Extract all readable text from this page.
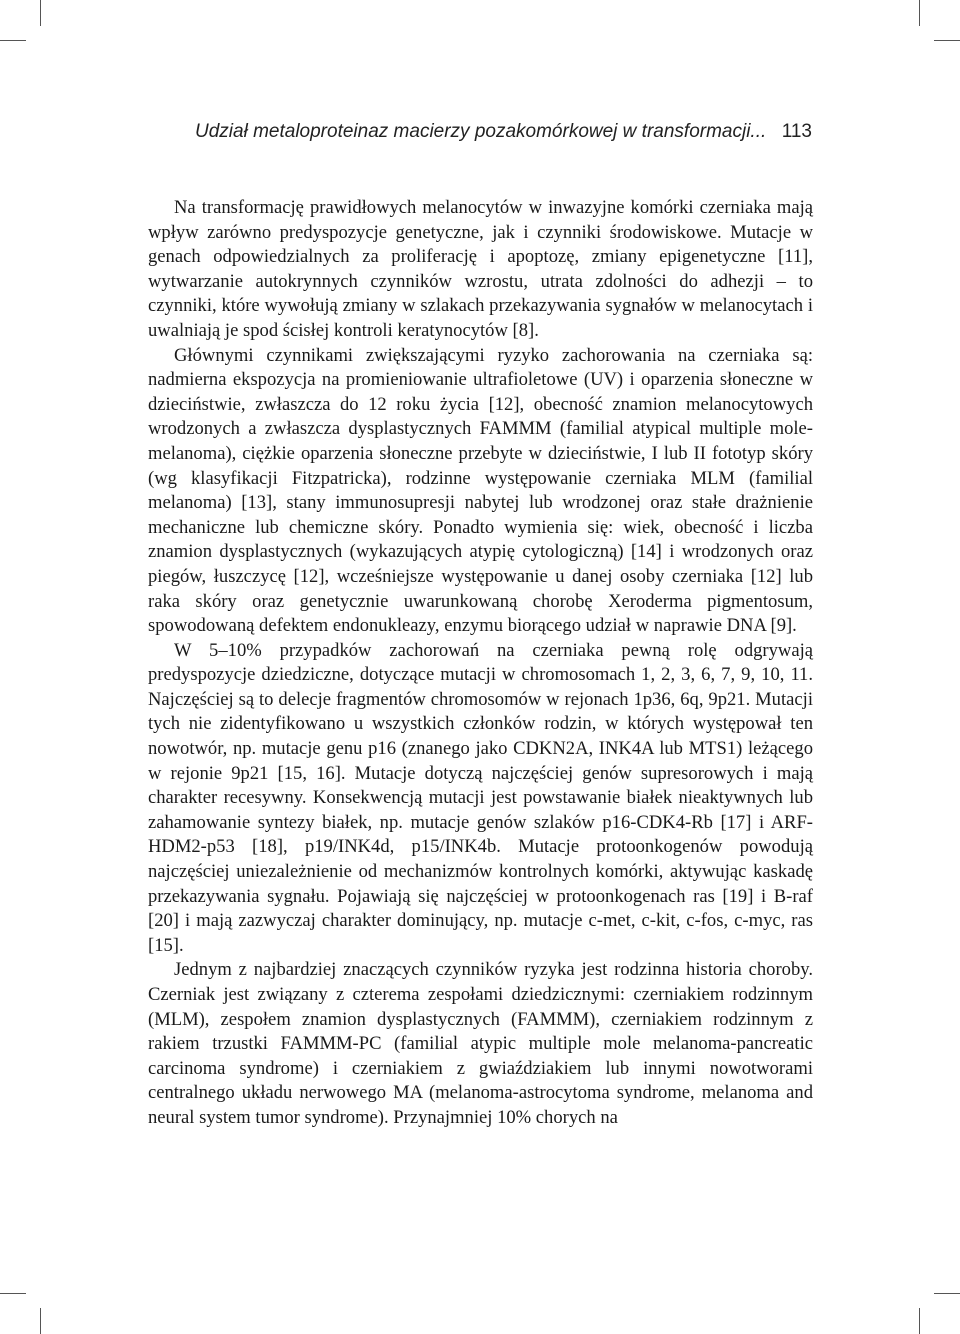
Udział metaloproteinaz macierzy pozakomórkowej w transformacji... 113

Na transformację prawidłowych melanocytów w inwazyjne komórki czerniaka mają wpływ zarówno predyspozycje genetyczne, jak i czynniki środowiskowe. Mutacje w genach odpowiedzialnych za proliferację i apoptozę, zmiany epigenetyczne [11], wytwarzanie autokrynnych czynników wzrostu, utrata zdolności do adhezji – to czynniki, które wywołują zmiany w szlakach przekazywania sygnałów w melanocytach i uwalniają je spod ścisłej kontroli keratynocytów [8].

Głównymi czynnikami zwiększającymi ryzyko zachorowania na czerniaka są: nadmierna ekspozycja na promieniowanie ultrafioletowe (UV) i oparzenia słoneczne w dzieciństwie, zwłaszcza do 12 roku życia [12], obecność znamion melanocytowych wrodzonych a zwłaszcza dysplastycznych FAMMM (familial atypical multiple mole-melanoma), ciężkie oparzenia słoneczne przebyte w dzieciństwie, I lub II fototyp skóry (wg klasyfikacji Fitzpatricka), rodzinne występowanie czerniaka MLM (familial melanoma) [13], stany immunosupresji nabytej lub wrodzonej oraz stałe drażnienie mechaniczne lub chemiczne skóry. Ponadto wymienia się: wiek, obecność i liczba znamion dysplastycznych (wykazujących atypię cytologiczną) [14] i wrodzonych oraz piegów, łuszczycę [12], wcześniejsze występowanie u danej osoby czerniaka [12] lub raka skóry oraz genetycznie uwarunkowaną chorobę Xeroderma pigmentosum, spowodowaną defektem endonukleazy, enzymu biorącego udział w naprawie DNA [9].

W 5–10% przypadków zachorowań na czerniaka pewną rolę odgrywają predyspozycje dziedziczne, dotyczące mutacji w chromosomach 1, 2, 3, 6, 7, 9, 10, 11. Najczęściej są to delecje fragmentów chromosomów w rejonach 1p36, 6q, 9p21. Mutacji tych nie zidentyfikowano u wszystkich członków rodzin, w których występował ten nowotwór, np. mutacje genu p16 (znanego jako CDKN2A, INK4A lub MTS1) leżącego w rejonie 9p21 [15, 16]. Mutacje dotyczą najczęściej genów supresorowych i mają charakter recesywny. Konsekwencją mutacji jest powstawanie białek nieaktywnych lub zahamowanie syntezy białek, np. mutacje genów szlaków p16-CDK4-Rb [17] i ARF-HDM2-p53 [18], p19/INK4d, p15/INK4b. Mutacje protoonkogenów powodują najczęściej uniezależnienie od mechanizmów kontrolnych komórki, aktywując kaskadę przekazywania sygnału. Pojawiają się najczęściej w protoonkogenach ras [19] i B-raf [20] i mają zazwyczaj charakter dominujący, np. mutacje c-met, c-kit, c-fos, c-myc, ras [15].

Jednym z najbardziej znaczących czynników ryzyka jest rodzinna historia choroby. Czerniak jest związany z czterema zespołami dziedzicznymi: czerniakiem rodzinnym (MLM), zespołem znamion dysplastycznych (FAMMM), czerniakiem rodzinnym z rakiem trzustki FAMMM-PC (familial atypic multiple mole melanoma-pancreatic carcinoma syndrome) i czerniakiem z gwiaździakiem lub innymi nowotworami centralnego układu nerwowego MA (melanoma-astrocytoma syndrome, melanoma and neural system tumor syndrome). Przynajmniej 10% chorych na
